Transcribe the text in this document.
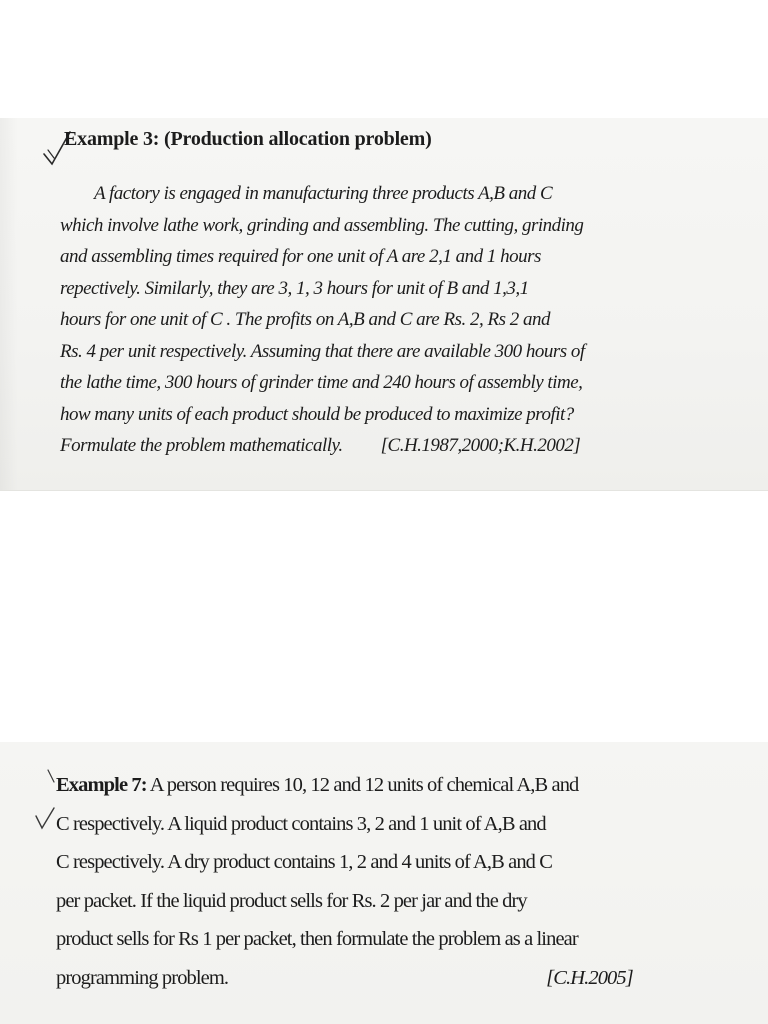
Example 3: (Production allocation problem)
A factory is engaged in manufacturing three products A,B and C
which involve lathe work, grinding and assembling. The cutting, grinding
and assembling times required for one unit of A are 2,1 and 1 hours
repectively. Similarly, they are 3, 1, 3 hours for unit of B and 1,3,1
hours for one unit of C . The profits on A,B and C are Rs. 2, Rs 2 and
Rs. 4 per unit respectively. Assuming that there are available 300 hours of
the lathe time, 300 hours of grinder time and 240 hours of assembly time,
how many units of each product should be produced to maximize profit?
Formulate the problem mathematically. [C.H.1987,2000;K.H.2002]
Example 7: A person requires 10, 12 and 12 units of chemical A,B and
C respectively. A liquid product contains 3, 2 and 1 unit of A,B and
C respectively. A dry product contains 1, 2 and 4 units of A,B and C
per packet. If the liquid product sells for Rs. 2 per jar and the dry
product sells for Rs 1 per packet, then formulate the problem as a linear
programming problem.	[C.H.2005]
